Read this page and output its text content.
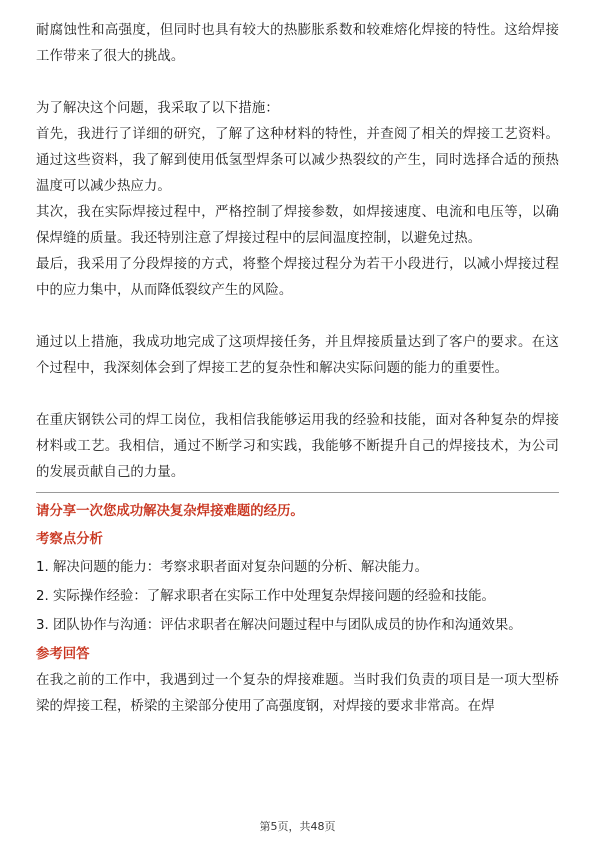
耐腐蚀性和高强度，但同时也具有较大的热膨胀系数和较难熔化焊接的特性。这给焊接工作带来了很大的挑战。

为了解决这个问题，我采取了以下措施：

首先，我进行了详细的研究，了解了这种材料的特性，并查阅了相关的焊接工艺资料。通过这些资料，我了解到使用低氢型焊条可以减少热裂纹的产生，同时选择合适的预热温度可以减少热应力。

其次，我在实际焊接过程中，严格控制了焊接参数，如焊接速度、电流和电压等，以确保焊缝的质量。我还特别注意了焊接过程中的层间温度控制，以避免过热。

最后，我采用了分段焊接的方式，将整个焊接过程分为若干小段进行，以减小焊接过程中的应力集中，从而降低裂纹产生的风险。

通过以上措施，我成功地完成了这项焊接任务，并且焊接质量达到了客户的要求。在这个过程中，我深刻体会到了焊接工艺的复杂性和解决实际问题的能力的重要性。

在重庆钢铁公司的焊工岗位，我相信我能够运用我的经验和技能，面对各种复杂的焊接材料或工艺。我相信，通过不断学习和实践，我能够不断提升自己的焊接技术，为公司的发展贡献自己的力量。

请分享一次您成功解决复杂焊接难题的经历。

考察点分析

1. 解决问题的能力：考察求职者面对复杂问题的分析、解决能力。

2. 实际操作经验：了解求职者在实际工作中处理复杂焊接问题的经验和技能。

3. 团队协作与沟通：评估求职者在解决问题过程中与团队成员的协作和沟通效果。

参考回答

在我之前的工作中，我遇到过一个复杂的焊接难题。当时我们负责的项目是一项大型桥梁的焊接工程，桥梁的主梁部分使用了高强度钢，对焊接的要求非常高。在焊

第5页，共48页
